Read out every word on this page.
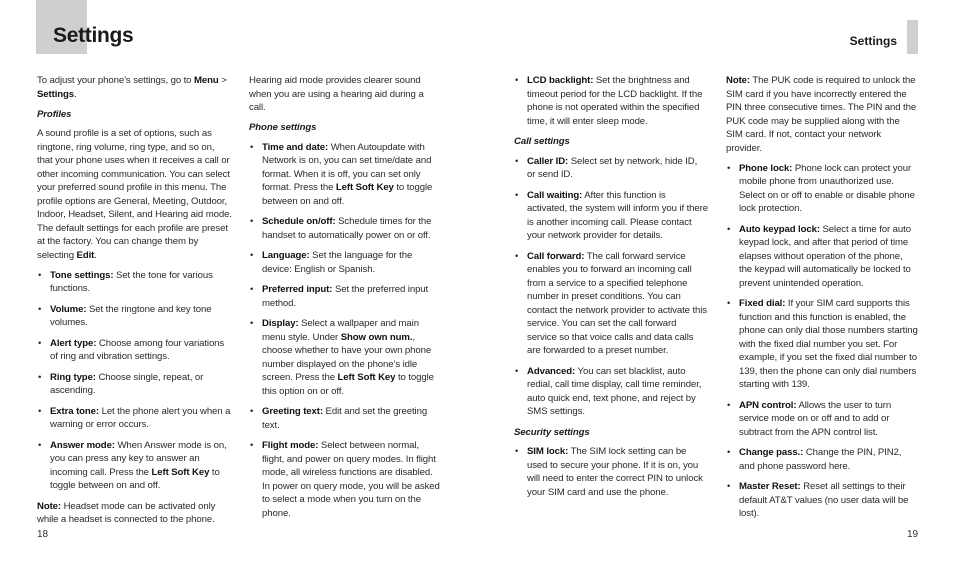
Settings	Settings

To adjust your phone’s settings, go to Menu > Settings.

Profiles

A sound profile is a set of options, such as ringtone, ring volume, ring type, and so on, that your phone uses when it receives a call or other incoming communication. You can select your preferred sound profile in this menu. The profile options are General, Meeting, Outdoor, Indoor, Headset, Silent, and Hearing aid mode. The default settings for each profile are preset at the factory. You can change them by selecting Edit.

• Tone settings: Set the tone for various functions.
• Volume: Set the ringtone and key tone volumes.
• Alert type: Choose among four variations of ring and vibration settings.
• Ring type: Choose single, repeat, or ascending.
• Extra tone: Let the phone alert you when a warning or error occurs.
• Answer mode: When Answer mode is on, you can press any key to answer an incoming call. Press the Left Soft Key to toggle between on and off.

Note: Headset mode can be activated only while a headset is connected to the phone.

Hearing aid mode provides clearer sound when you are using a hearing aid during a call.

Phone settings
• Time and date: When Autoupdate with Network is on, you can set time/date and format. When it is off, you can set only format. Press the Left Soft Key to toggle between on and off.
• Schedule on/off: Schedule times for the handset to automatically power on or off.
• Language: Set the language for the device: English or Spanish.
• Preferred input: Set the preferred input method.
• Display: Select a wallpaper and main menu style. Under Show own num., choose whether to have your own phone number displayed on the phone’s idle screen. Press the Left Soft Key to toggle this option on or off.
• Greeting text: Edit and set the greeting text.
• Flight mode: Select between normal, flight, and power on query modes. In flight mode, all wireless functions are disabled. In power on query mode, you will be asked to select a mode when you turn on the phone.
• LCD backlight: Set the brightness and timeout period for the LCD backlight. If the phone is not operated within the specified time, it will enter sleep mode.
Call settings
• Caller ID: Select set by network, hide ID, or send ID.
• Call waiting: After this function is activated, the system will inform you if there is another incoming call. Please contact your network provider for details.
• Call forward: The call forward service enables you to forward an incoming call from a service to a specified telephone number in preset conditions. You can contact the network provider to activate this service. You can set the call forward service so that voice calls and data calls are forwarded to a preset number.
• Advanced: You can set blacklist, auto redial, call time display, call time reminder, auto quick end, text phone, and reject by SMS settings.
Security settings
• SIM lock: The SIM lock setting can be used to secure your phone. If it is on, you will need to enter the correct PIN to unlock your SIM card and use the phone.

Note: The PUK code is required to unlock the SIM card if you have incorrectly entered the PIN three consecutive times. The PIN and the PUK code may be supplied along with the SIM card. If not, contact your network provider.

• Phone lock: Phone lock can protect your mobile phone from unauthorized use. Select on or off to enable or disable phone lock protection.
• Auto keypad lock: Select a time for auto keypad lock, and after that period of time elapses without operation of the phone, the keypad will automatically be locked to prevent unintended operation.
• Fixed dial: If your SIM card supports this function and this function is enabled, the phone can only dial those numbers starting with the fixed dial number you set. For example, if you set the fixed dial number to 139, then the phone can only dial numbers starting with 139.
• APN control: Allows the user to turn service mode on or off and to add or subtract from the APN control list.
• Change pass.: Change the PIN, PIN2, and phone password here.
• Master Reset: Reset all settings to their default AT&T values (no user data will be lost).
18	19
